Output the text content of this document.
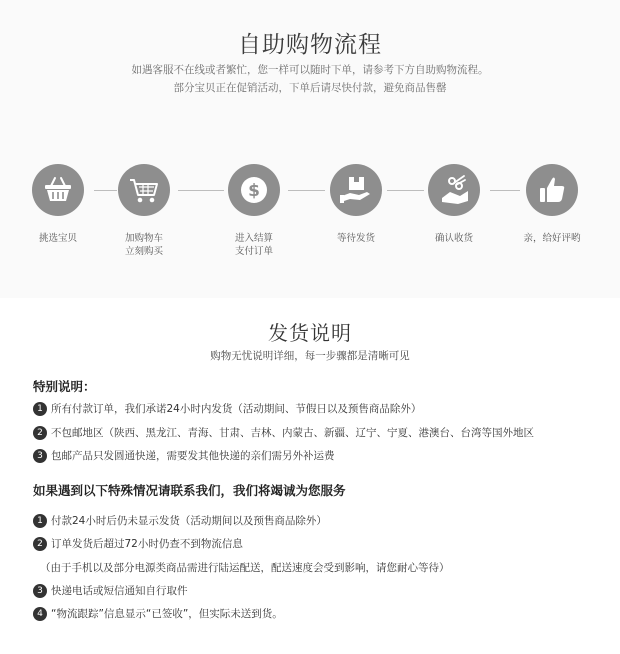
自助购物流程
如遇客服不在线或者繁忙，您一样可以随时下单，请参考下方自助购物流程。
部分宝贝正在促销活动，下单后请尽快付款，避免商品售罄
$
挑选宝贝	加购物车
立刻购买
进入结算
支付订单
等待发货	确认收货	亲，给好评哟
发货说明
购物无忧说明详细，每一步骤都是清晰可见
特别说明：
1 所有付款订单，我们承诺24小时内发货（活动期间、节假日以及预售商品除外）
2 不包邮地区（陕西、黑龙江、青海、甘肃、吉林、内蒙古、新疆、辽宁、宁夏、港澳台、台湾等国外地区
3 包邮产品只发圆通快递，需要发其他快递的亲们需另外补运费
如果遇到以下特殊情况请联系我们，我们将竭诚为您服务
1 付款24小时后仍未显示发货（活动期间以及预售商品除外）
2 订单发货后超过72小时仍查不到物流信息
（由于手机以及部分电源类商品需进行陆运配送，配送速度会受到影响，请您耐心等待）
3 快递电话或短信通知自行取件
4 “物流跟踪”信息显示“已签收”，但实际未送到货。
